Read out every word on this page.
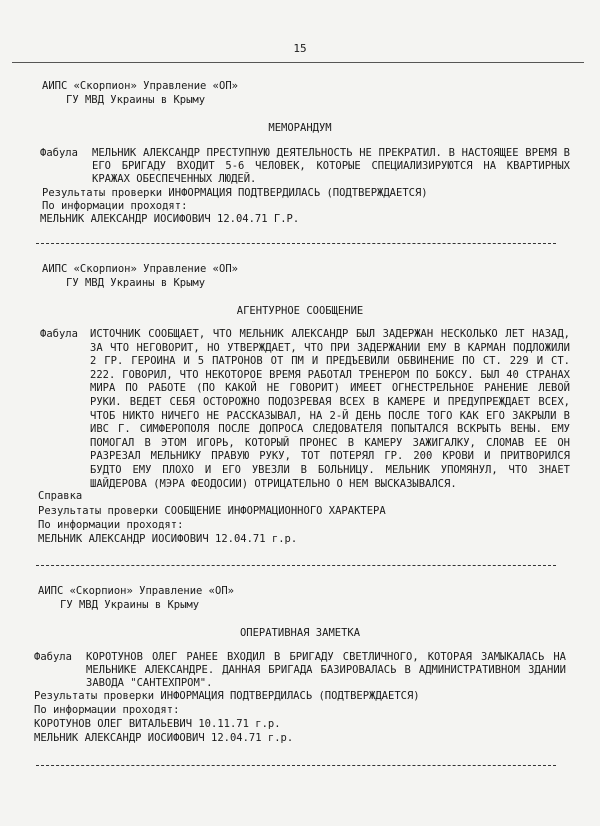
15
АИПС «Скорпион» Управление «ОП»
ГУ МВД Украины в Крыму
МЕМОРАНДУМ
Фабула МЕЛЬНИК АЛЕКСАНДР ПРЕСТУПНУЮ ДЕЯТЕЛЬНОСТЬ НЕ ПРЕКРАТИЛ. В НАСТОЯЩЕЕ ВРЕМЯ В ЕГО БРИГАДУ ВХОДИТ 5-6 ЧЕЛОВЕК, КОТОРЫЕ СПЕЦИАЛИЗИРУЮТСЯ НА КВАРТИРНЫХ КРАЖАХ ОБЕСПЕЧЕННЫХ ЛЮДЕЙ.
Результаты проверки ИНФОРМАЦИЯ ПОДТВЕРДИЛАСЬ (ПОДТВЕРЖДАЕТСЯ)
По информации проходят:
МЕЛЬНИК АЛЕКСАНДР ИОСИФОВИЧ 12.04.71 Г.Р.
АИПС «Скорпион» Управление «ОП»
ГУ МВД Украины в Крыму
АГЕНТУРНОЕ СООБЩЕНИЕ
Фабула ИСТОЧНИК СООБЩАЕТ, ЧТО МЕЛЬНИК АЛЕКСАНДР БЫЛ ЗАДЕРЖАН НЕСКОЛЬКО ЛЕТ НАЗАД, ЗА ЧТО НЕГОВОРИТ, НО УТВЕРЖДАЕТ, ЧТО ПРИ ЗАДЕРЖАНИИ ЕМУ В КАРМАН ПОДЛОЖИЛИ 2 ГР. ГЕРОИНА И 5 ПАТРОНОВ ОТ ПМ И ПРЕДЪЕВИЛИ ОБВИНЕНИЕ ПО СТ. 229 И СТ. 222. ГОВОРИЛ, ЧТО НЕКОТОРОЕ ВРЕМЯ РАБОТАЛ ТРЕНЕРОМ ПО БОКСУ. БЫЛ 40 СТРАНАХ МИРА ПО РАБОТЕ (ПО КАКОЙ НЕ ГОВОРИТ) ИМЕЕТ ОГНЕСТРЕЛЬНОЕ РАНЕНИЕ ЛЕВОЙ РУКИ. ВЕДЕТ СЕБЯ ОСТОРОЖНО ПОДОЗРЕВАЯ ВСЕХ В КАМЕРЕ И ПРЕДУПРЕЖДАЕТ ВСЕХ, ЧТОБ НИКТО НИЧЕГО НЕ РАССКАЗЫВАЛ, НА 2-Й ДЕНЬ ПОСЛЕ ТОГО КАК ЕГО ЗАКРЫЛИ В ИВС Г. СИМФЕРОПОЛЯ ПОСЛЕ ДОПРОСА СЛЕДОВАТЕЛЯ ПОПЫТАЛСЯ ВСКРЫТЬ ВЕНЫ. ЕМУ ПОМОГАЛ В ЭТОМ ИГОРЬ, КОТОРЫЙ ПРОНЕС В КАМЕРУ ЗАЖИГАЛКУ, СЛОМАВ ЕЕ ОН РАЗРЕЗАЛ МЕЛЬНИКУ ПРАВУЮ РУКУ, ТОТ ПОТЕРЯЛ ГР. 200 КРОВИ И ПРИТВОРИЛСЯ БУДТО ЕМУ ПЛОХО И ЕГО УВЕЗЛИ В БОЛЬНИЦУ. МЕЛЬНИК УПОМЯНУЛ, ЧТО ЗНАЕТ ШАЙДЕРОВА (МЭРА ФЕОДОСИИ) ОТРИЦАТЕЛЬНО О НЕМ ВЫСКАЗЫВАЛСЯ.
Справка
Результаты проверки СООБЩЕНИЕ ИНФОРМАЦИОННОГО ХАРАКТЕРА
По информации проходят:
МЕЛЬНИК АЛЕКСАНДР ИОСИФОВИЧ 12.04.71 г.р.
АИПС «Скорпион» Управление «ОП»
ГУ МВД Украины в Крыму
ОПЕРАТИВНАЯ ЗАМЕТКА
Фабула КОРОТУНОВ ОЛЕГ РАНЕЕ ВХОДИЛ В БРИГАДУ СВЕТЛИЧНОГО, КОТОРАЯ ЗАМЫКАЛАСЬ НА МЕЛЬНИКЕ АЛЕКСАНДРЕ. ДАННАЯ БРИГАДА БАЗИРОВАЛАСЬ В АДМИНИСТРАТИВНОМ ЗДАНИИ ЗАВОДА "САНТЕХПРОМ".
Результаты проверки ИНФОРМАЦИЯ ПОДТВЕРДИЛАСЬ (ПОДТВЕРЖДАЕТСЯ)
По информации проходят:
КОРОТУНОВ ОЛЕГ ВИТАЛЬЕВИЧ 10.11.71 г.р.
МЕЛЬНИК АЛЕКСАНДР ИОСИФОВИЧ 12.04.71 г.р.
